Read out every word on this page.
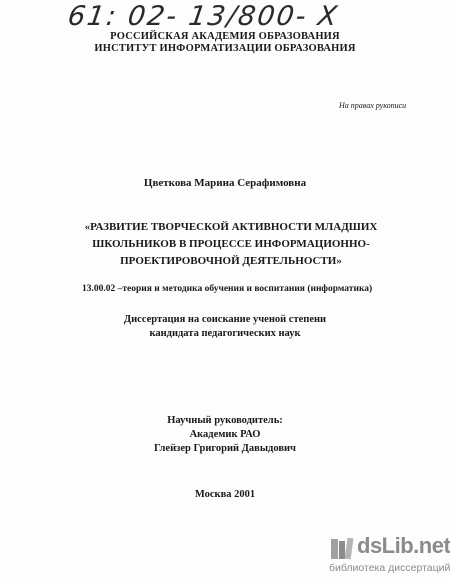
61: 02- 13/800- Х
РОССИЙСКАЯ АКАДЕМИЯ ОБРАЗОВАНИЯ
ИНСТИТУТ ИНФОРМАТИЗАЦИИ ОБРАЗОВАНИЯ
На правах рукописи
Цветкова Марина Серафимовна
«РАЗВИТИЕ ТВОРЧЕСКОЙ АКТИВНОСТИ МЛАДШИХ
ШКОЛЬНИКОВ В ПРОЦЕССЕ ИНФОРМАЦИОННО-
ПРОЕКТИРОВОЧНОЙ ДЕЯТЕЛЬНОСТИ»
13.00.02 –теория и методика обучения и воспитания (информатика)
Диссертация на соискание ученой степени
кандидата педагогических наук
Научный руководитель:
Академик РАО
Глейзер Григорий Давыдович
Москва 2001
dsLib.net
библиотека диссертаций
